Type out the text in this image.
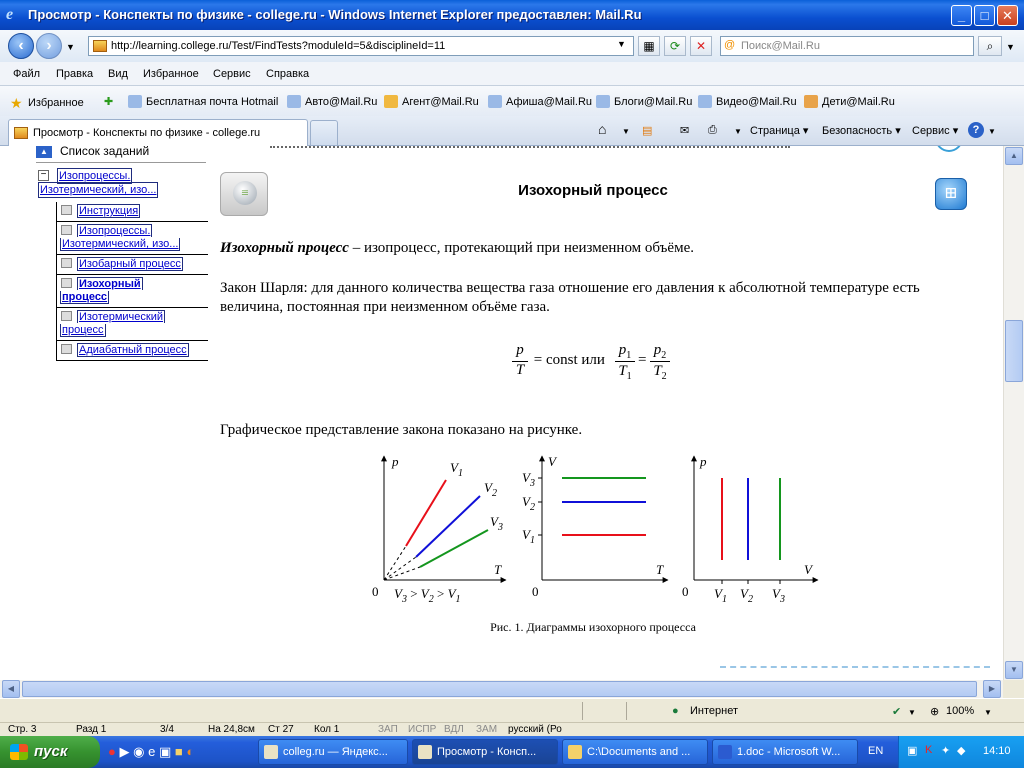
e	Просмотр - Конспекты по физике - college.ru - Windows Internet Explorer предоставлен: Mail.Ru	_	□	✕
‹	›	▼	http://learning.college.ru/Test/FindTests?moduleId=5&disciplineId=11	▼	▦	⟳	✕	@ Поиск@Mail.Ru	⌕	▼
Файл Правка Вид Избранное Сервис Справка
★ Избранное ✚	Бесплатная почта Hotmail	Авто@Mail.Ru	Агент@Mail.Ru	Афиша@Mail.Ru	Блоги@Mail.Ru	Видео@Mail.Ru	Дети@Mail.Ru
Просмотр - Конспекты по физике - college.ru	⌂ ▼ ▤	✉ ⎙ ▼ Страница ▾ Безопасность ▾ Сервис ▾	?	▼
▲	Список заданий
− Изопроцессы.
Изотермический, изо...
Инструкция
Изопроцессы.
Изотермический, изо...
Изобарный процесс
Изохорный
процесс
Изотермический
процесс
Адиабатный процесс
≡	⊞
Изохорный процесс
Изохорный процесс – изопроцесс, протекающий при неизменном объёме.
Закон Шарля: для данного количества вещества газа отношение его давления к абсолютной температуре есть величина, постоянная при неизменном объёме газа.
p
T
= const или
$p_1$
$T_1$
=
$p_2$
$T_2$
Графическое представление закона показано на рисунке.
p
T
0
$V_1$
$V_2$
$V_3$
$V_3 > V_2 > V_1$
V
T
0
$V_3$
$V_2$
$V_1$
p
V
0 $V_1$ $V_2$ $V_3$
Рис. 1. Диаграммы изохорного процесса
▲
▼
◀	▶
● Интернет	✔ ▼ ⊕ 100% ▼
Стр. 3	Разд 1	3/4	На 24,8см Ст 27 Кол 1	ЗАП ИСПР ВДЛ ЗАМ русский (Ро
пуск	● ▶ ◉ e ▣ ■ ◐	colleg.ru — Яндекс...	Просмотр - Консп...	C:\Documents and ...	1.doc - Microsoft W...	EN ▣ K ✦ ◆ 14:10
